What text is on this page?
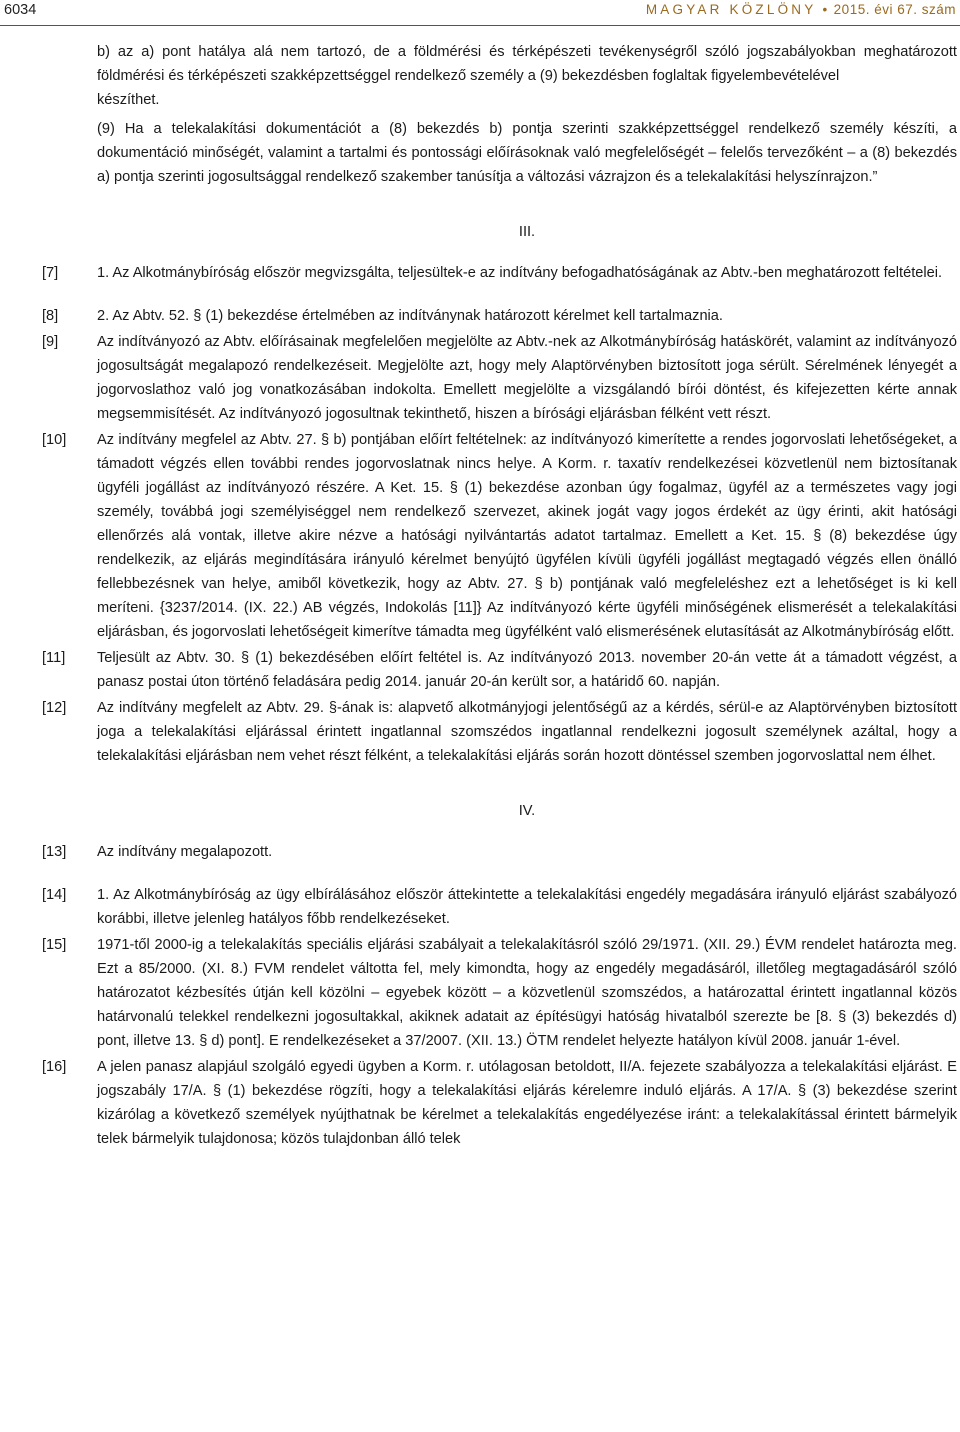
6034	MAGYAR KÖZLÖNY • 2015. évi 67. szám

b) az a) pont hatálya alá nem tartozó, de a földmérési és térképészeti tevékenységről szóló jogszabályokban meghatározott földmérési és térképészeti szakképzettséggel rendelkező személy a (9) bekezdésben foglaltak figyelembevételével

készíthet.

(9) Ha a telekalakítási dokumentációt a (8) bekezdés b) pontja szerinti szakképzettséggel rendelkező személy készíti, a dokumentáció minőségét, valamint a tartalmi és pontossági előírásoknak való megfelelőségét – felelős tervezőként – a (8) bekezdés a) pontja szerinti jogosultsággal rendelkező szakember tanúsítja a változási vázrajzon és a telekalakítási helyszínrajzon.”

III.
[7]	1. Az Alkotmánybíróság először megvizsgálta, teljesültek-e az indítvány befogadhatóságának az Abtv.-ben meghatározott feltételei.
[8]	2. Az Abtv. 52. § (1) bekezdése értelmében az indítványnak határozott kérelmet kell tartalmaznia.
[9]	Az indítványozó az Abtv. előírásainak megfelelően megjelölte az Abtv.-nek az Alkotmánybíróság hatáskörét, valamint az indítványozó jogosultságát megalapozó rendelkezéseit. Megjelölte azt, hogy mely Alaptörvényben biztosított joga sérült. Sérelmének lényegét a jogorvoslathoz való jog vonatkozásában indokolta. Emellett megjelölte a vizsgálandó bírói döntést, és kifejezetten kérte annak megsemmisítését. Az indítványozó jogosultnak tekinthető, hiszen a bírósági eljárásban félként vett részt.
[10]	Az indítvány megfelel az Abtv. 27. § b) pontjában előírt feltételnek: az indítványozó kimerítette a rendes jogorvoslati lehetőségeket, a támadott végzés ellen további rendes jogorvoslatnak nincs helye. A Korm. r. taxatív rendelkezései közvetlenül nem biztosítanak ügyféli jogállást az indítványozó részére. A Ket. 15. § (1) bekezdése azonban úgy fogalmaz, ügyfél az a természetes vagy jogi személy, továbbá jogi személyiséggel nem rendelkező szervezet, akinek jogát vagy jogos érdekét az ügy érinti, akit hatósági ellenőrzés alá vontak, illetve akire nézve a hatósági nyilvántartás adatot tartalmaz. Emellett a Ket. 15. § (8) bekezdése úgy rendelkezik, az eljárás megindítására irányuló kérelmet benyújtó ügyfélen kívüli ügyféli jogállást megtagadó végzés ellen önálló fellebbezésnek van helye, amiből következik, hogy az Abtv. 27. § b) pontjának való megfeleléshez ezt a lehetőséget is ki kell meríteni. {3237/2014. (IX. 22.) AB végzés, Indokolás [11]} Az indítványozó kérte ügyféli minőségének elismerését a telekalakítási eljárásban, és jogorvoslati lehetőségeit kimerítve támadta meg ügyfélként való elismerésének elutasítását az Alkotmánybíróság előtt.
[11]	Teljesült az Abtv. 30. § (1) bekezdésében előírt feltétel is. Az indítványozó 2013. november 20-án vette át a támadott végzést, a panasz postai úton történő feladására pedig 2014. január 20-án került sor, a határidő 60. napján.
[12]	Az indítvány megfelelt az Abtv. 29. §-ának is: alapvető alkotmányjogi jelentőségű az a kérdés, sérül-e az Alaptörvényben biztosított joga a telekalakítási eljárással érintett ingatlannal szomszédos ingatlannal rendelkezni jogosult személynek azáltal, hogy a telekalakítási eljárásban nem vehet részt félként, a telekalakítási eljárás során hozott döntéssel szemben jogorvoslattal nem élhet.
IV.
[13]	Az indítvány megalapozott.
[14]	1. Az Alkotmánybíróság az ügy elbírálásához először áttekintette a telekalakítási engedély megadására irányuló eljárást szabályozó korábbi, illetve jelenleg hatályos főbb rendelkezéseket.
[15]	1971-től 2000-ig a telekalakítás speciális eljárási szabályait a telekalakításról szóló 29/1971. (XII. 29.) ÉVM rendelet határozta meg. Ezt a 85/2000. (XI. 8.) FVM rendelet váltotta fel, mely kimondta, hogy az engedély megadásáról, illetőleg megtagadásáról szóló határozatot kézbesítés útján kell közölni – egyebek között – a közvetlenül szomszédos, a határozattal érintett ingatlannal közös határvonalú telekkel rendelkezni jogosultakkal, akiknek adatait az építésügyi hatóság hivatalból szerezte be [8. § (3) bekezdés d) pont, illetve 13. § d) pont]. E rendelkezéseket a 37/2007. (XII. 13.) ÖTM rendelet helyezte hatályon kívül 2008. január 1-ével.
[16]	A jelen panasz alapjául szolgáló egyedi ügyben a Korm. r. utólagosan betoldott, II/A. fejezete szabályozza a telekalakítási eljárást. E jogszabály 17/A. § (1) bekezdése rögzíti, hogy a telekalakítási eljárás kérelemre induló eljárás. A 17/A. § (3) bekezdése szerint kizárólag a következő személyek nyújthatnak be kérelmet a telekalakítás engedélyezése iránt: a telekalakítással érintett bármelyik telek bármelyik tulajdonosa; közös tulajdonban álló telek
